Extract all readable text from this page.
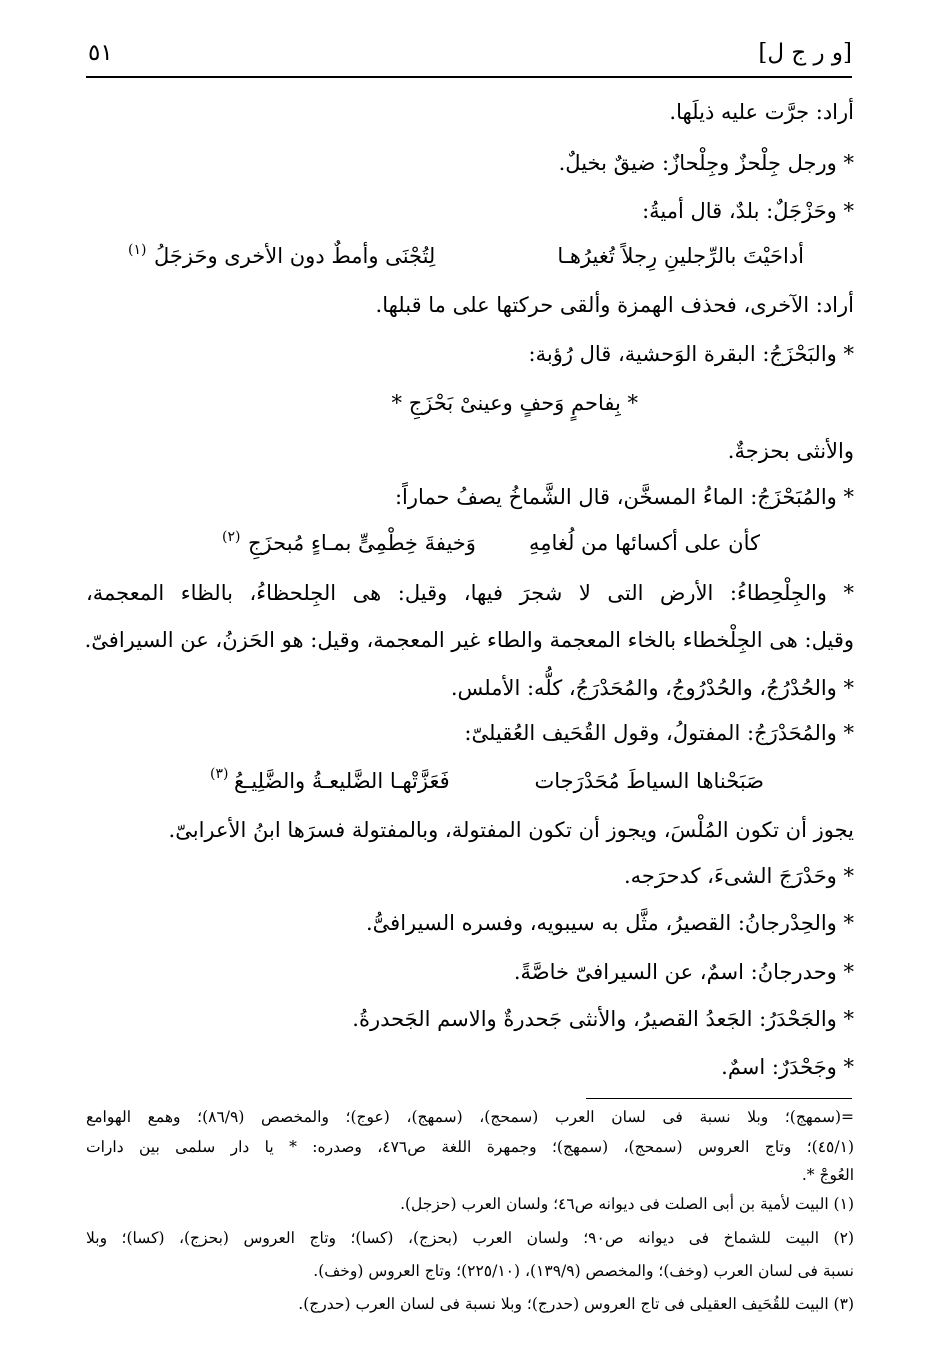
[و ر ج ل]
٥١
أراد: جرَّت عليه ذيلَها.
* ورجل جِلْحزٌ وجِلْحازٌ: ضيقٌ بخيلٌ.
* وحَزْجَلٌ: بلدٌ، قال أميةُ:
أداحَيْتَ بالرِّجلينِ رِجلاً تُغيرُهـا
لِتُجْنَى وأمطٌ دون الأخرى وحَزجَلُ
(١)
أراد: الآخرى، فحذف الهمزة وألقى حركتها على ما قبلها.
* والبَحْزَجُ: البقرة الوَحشية، قال رُؤبة:
* بِفاحمٍ وَحفٍ وعينىْ بَحْزَجِ *
والأنثى بحزجةٌ.
* والمُبَحْزَجُ: الماءُ المسخَّن، قال الشَّماخُ يصفُ حماراً:
كأن على أكسائها من لُغامِهِ
وَخيفةَ خِطْمِىٍّ بمـاءٍ مُبحزَجِ
(٢)
* والجِلْحِطاءُ: الأرض التى لا شجرَ فيها، وقيل: هى الجِلحظاءُ، بالظاء المعجمة،
وقيل: هى الجِلْخطاء بالخاء المعجمة والطاء غير المعجمة، وقيل: هو الحَزنُ، عن السيرافىّ.
* والحُدْرُجُ، والحُدْرُوجُ، والمُحَدْرَجُ، كلُّه: الأملس.
* والمُحَدْرَجُ: المفتولُ، وقول القُحَيف العُقيلىّ:
صَبَحْناها السياطَ مُحَدْرَجات
فَعَزَّتْهـا الضَّليعـةُ والضَّلِيـعُ
(٣)
يجوز أن تكون المُلْسَ، ويجوز أن تكون المفتولة، وبالمفتولة فسرَها ابنُ الأعرابىّ.
* وحَدْرَجَ الشىءَ، كدحرَجه.
* والحِدْرجانُ: القصيرُ، مثَّل به سيبويه، وفسره السيرافىُّ.
* وحدرجانُ: اسمٌ، عن السيرافىّ خاصَّةً.
* والجَحْدَرُ: الجَعدُ القصيرُ، والأنثى جَحدرةٌ والاسم الجَحدرةُ.
* وجَحْدَرٌ: اسمٌ.
=(سمهج)؛ وبلا نسبة فى لسان العرب (سمحج)، (سمهج)، (عوج)؛ والمخصص (٨٦/٩)؛ وهمع الهوامع
(٤٥/١)؛ وتاج العروس (سمحج)، (سمهج)؛ وجمهرة اللغة ص٤٧٦، وصدره: * يا دار سلمى بين دارات
العُوجْ *.
(١) البيت لأمية بن أبى الصلت فى ديوانه ص٤٦؛ ولسان العرب (حزجل).
(٢) البيت للشماخ فى ديوانه ص٩٠؛ ولسان العرب (بحزج)، (كسا)؛ وتاج العروس (بحزج)، (كسا)؛ وبلا
نسبة فى لسان العرب (وخف)؛ والمخصص (١٣٩/٩)، (٢٢٥/١٠)؛ وتاج العروس (وخف).
(٣) البيت للقُحَيف العقيلى فى تاج العروس (حدرج)؛ وبلا نسبة فى لسان العرب (حدرج).
